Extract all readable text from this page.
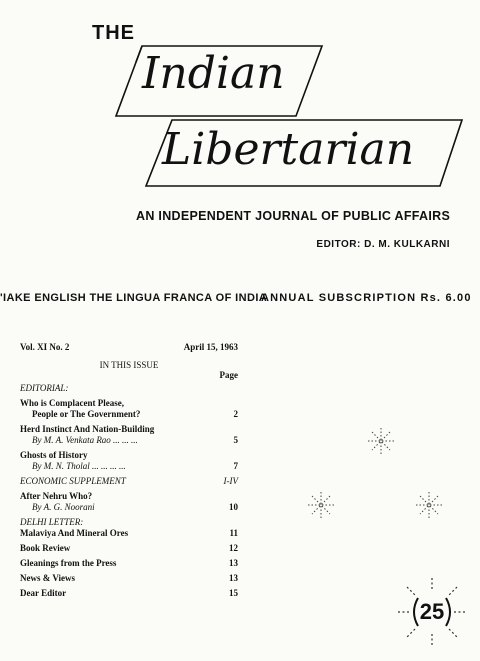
THE
Indian
Libertarian
AN INDEPENDENT JOURNAL OF PUBLIC AFFAIRS
EDITOR: D. M. KULKARNI
'IAKE ENGLISH THE LINGUA FRANCA OF INDIA
ANNUAL SUBSCRIPTION Rs. 6.00
Vol. XI No. 2	April 15, 1963
IN THIS ISSUE
Page
EDITORIAL:
Who is Complacent Please,
People or The Government?	2
Herd Instinct And Nation-Building
By M. A. Venkata Rao ... ... ...	5
Ghosts of History
By M. N. Tholal ... ... ... ...	7
ECONOMIC SUPPLEMENT	I-IV
After Nehru Who?
By A. G. Noorani	10
DELHI LETTER:
Malaviya And Mineral Ores	11
Book Review	12
Gleanings from the Press	13
News & Views	13
Dear Editor	15
25
